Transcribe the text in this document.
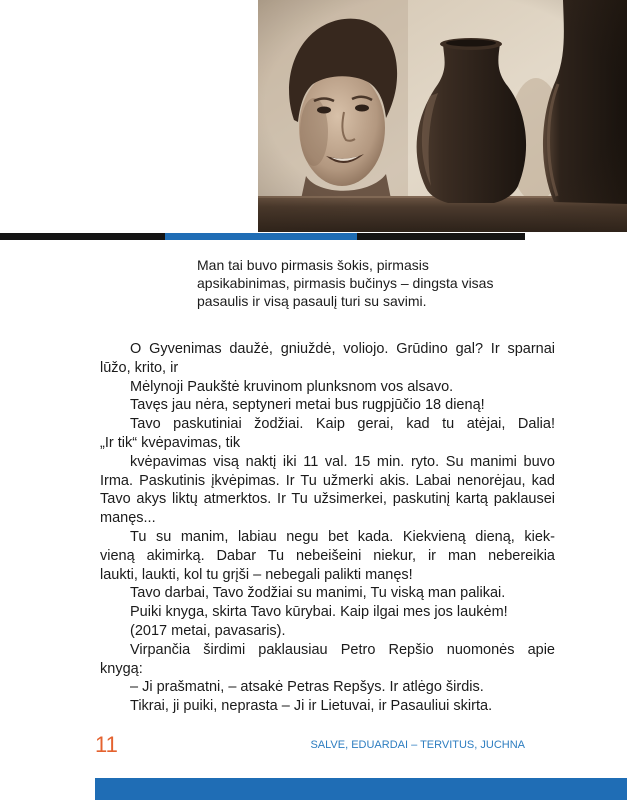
Man tai buvo pirmasis šokis, pirmasis
apsikabinimas, pirmasis bučinys – dingsta visas
pasaulis ir visą pasaulį turi su savimi.
O Gyvenimas daužė, gniuždė, voliojo. Grūdino gal? Ir sparnai
lūžo, krito, ir
Mėlynoji Paukštė kruvinom plunksnom vos alsavo.
Tavęs jau nėra, septyneri metai bus rugpjūčio 18 dieną!
Tavo paskutiniai žodžiai. Kaip gerai, kad tu atėjai, Dalia!
„Ir tik“ kvėpavimas, tik
kvėpavimas visą naktį iki 11 val. 15 min. ryto. Su manimi buvo
Irma. Paskutinis įkvėpimas. Ir Tu užmerki akis. Labai nenorėjau, kad
Tavo akys liktų atmerktos. Ir Tu užsimerkei, paskutinį kartą paklausei
manęs...
Tu su manim, labiau negu bet kada. Kiekvieną dieną, kiek-
vieną akimirką. Dabar Tu nebeišeini niekur, ir man nebereikia
laukti, laukti, kol tu grįši – nebegali palikti manęs!
Tavo darbai, Tavo žodžiai su manimi, Tu viską man palikai.
Puiki knyga, skirta Tavo kūrybai. Kaip ilgai mes jos laukėm!
(2017 metai, pavasaris).
Virpančia širdimi paklausiau Petro Repšio nuomonės apie
knygą:
– Ji prašmatni, – atsakė Petras Repšys. Ir atlėgo širdis.
Tikrai, ji puiki, neprasta – Ji ir Lietuvai, ir Pasauliui skirta.
11	SALVE, EDUARDAI – TERVITUS, JUCHNA
